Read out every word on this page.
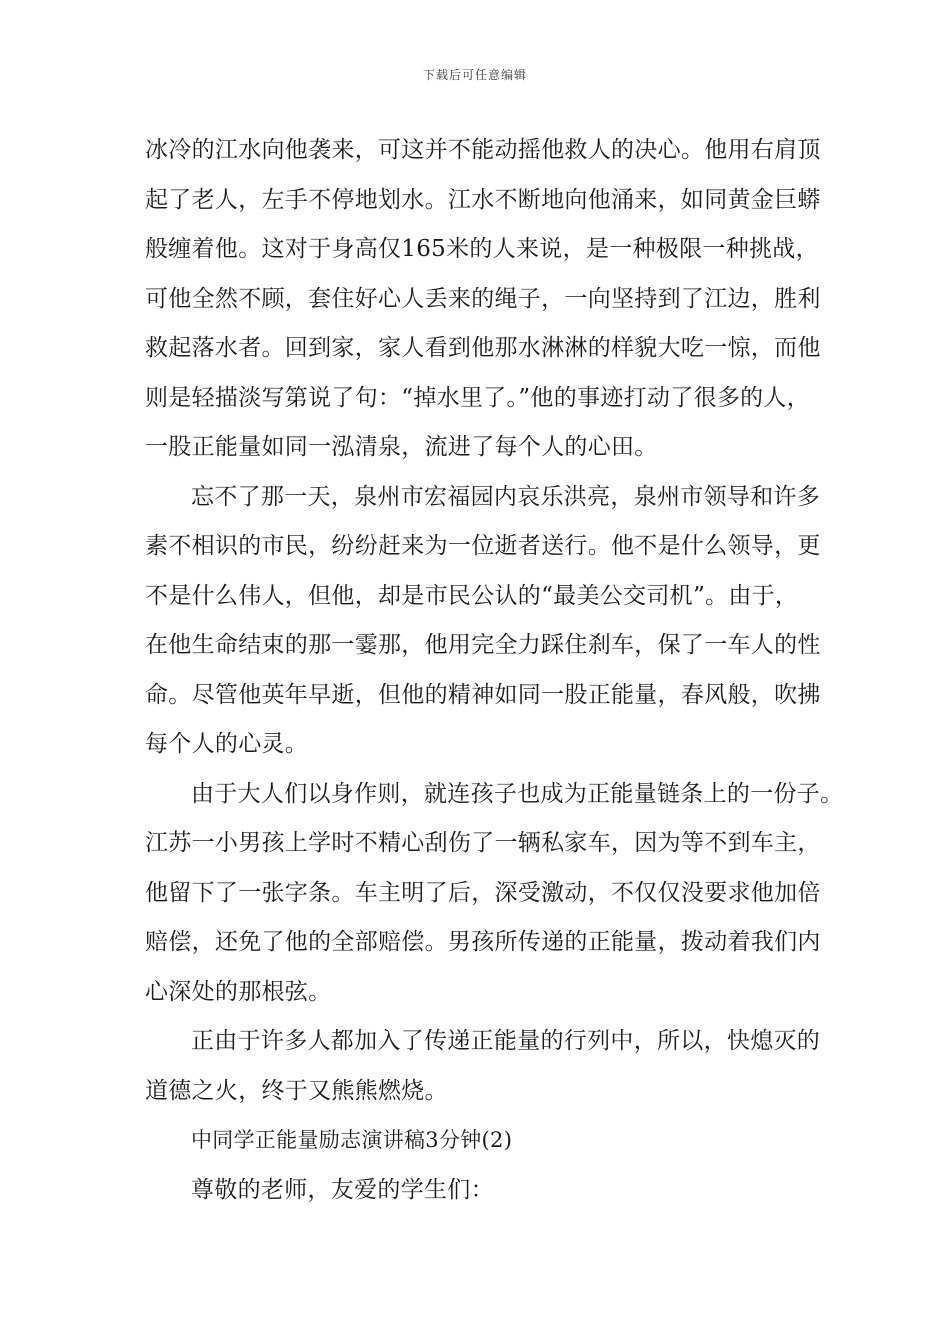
下载后可任意编辑
冰冷的江水向他袭来，可这并不能动摇他救人的决心。他用右肩顶
起了老人，左手不停地划水。江水不断地向他涌来，如同黄金巨蟒
般缠着他。这对于身高仅165米的人来说，是一种极限一种挑战，
可他全然不顾，套住好心人丢来的绳子，一向坚持到了江边，胜利
救起落水者。回到家，家人看到他那水淋淋的样貌大吃一惊，而他
则是轻描淡写第说了句：“掉水里了。”他的事迹打动了很多的人，
一股正能量如同一泓清泉，流进了每个人的心田。
忘不了那一天，泉州市宏福园内哀乐洪亮，泉州市领导和许多
素不相识的市民，纷纷赶来为一位逝者送行。他不是什么领导，更
不是什么伟人，但他，却是市民公认的“最美公交司机”。由于，
在他生命结束的那一霎那，他用完全力踩住刹车，保了一车人的性
命。尽管他英年早逝，但他的精神如同一股正能量，春风般，吹拂
每个人的心灵。
由于大人们以身作则，就连孩子也成为正能量链条上的一份子。
江苏一小男孩上学时不精心刮伤了一辆私家车，因为等不到车主，
他留下了一张字条。车主明了后，深受激动，不仅仅没要求他加倍
赔偿，还免了他的全部赔偿。男孩所传递的正能量，拨动着我们内
心深处的那根弦。
正由于许多人都加入了传递正能量的行列中，所以，快熄灭的
道德之火，终于又熊熊燃烧。
中同学正能量励志演讲稿3分钟(2)
尊敬的老师，友爱的学生们：
